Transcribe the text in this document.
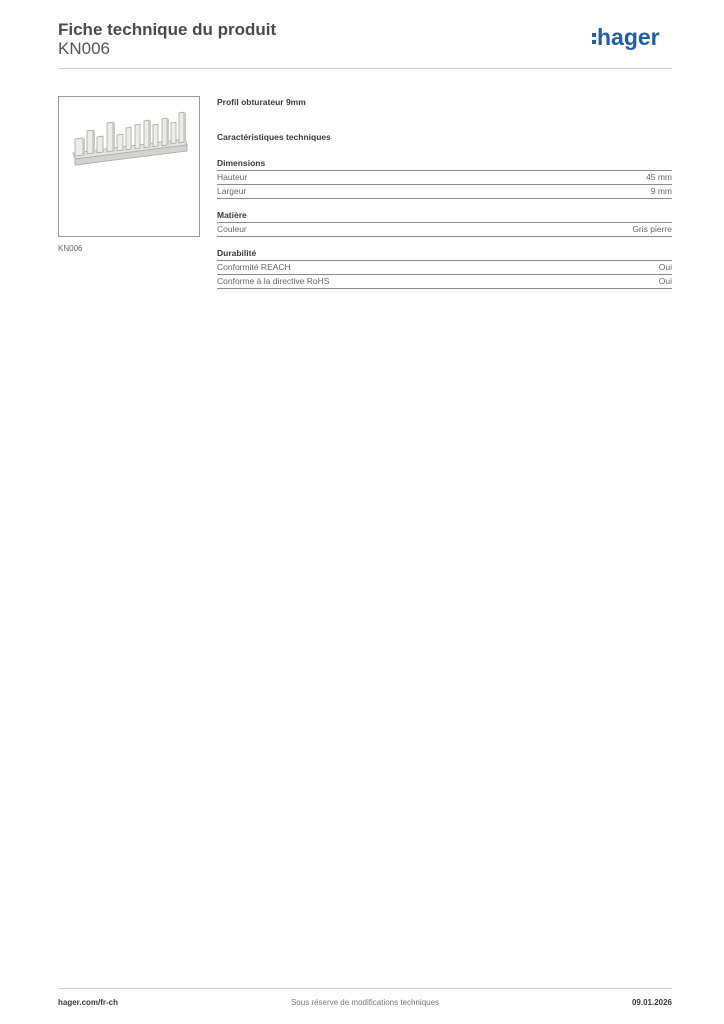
Fiche technique du produit
KN006	hager
KN006
Profil obturateur 9mm
Caractéristiques techniques
Dimensions
Hauteur	45 mm
Largeur	9 mm
Matière
Couleur	Gris pierre
Durabilité
Conformité REACH	Oui
Conforme à la directive RoHS	Oui
hager.com/fr-ch	Sous réserve de modifications techniques	09.01.2026
